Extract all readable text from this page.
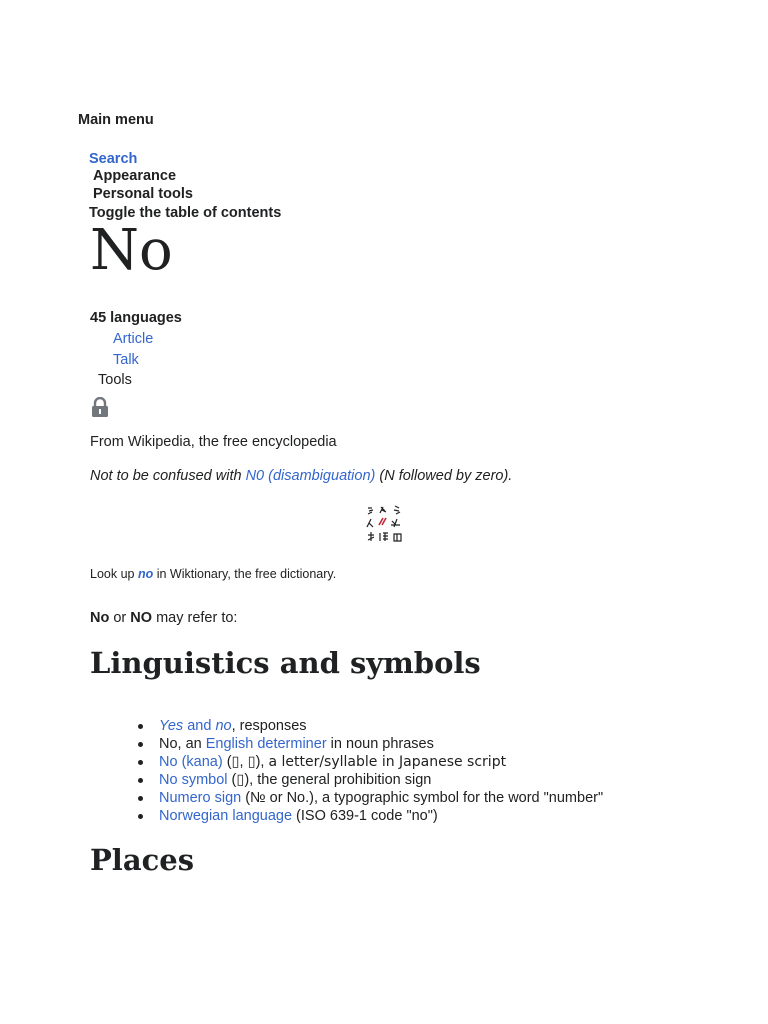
Main menu
Search
Appearance
Personal tools
Toggle the table of contents
No
45 languages
Article
Talk
Tools
From Wikipedia, the free encyclopedia
Not to be confused with N0 (disambiguation) (N followed by zero).
Look up no in Wiktionary, the free dictionary.
No or NO may refer to:
Linguistics and symbols
Yes and no, responses
No, an English determiner in noun phrases
No (kana) (▯, ▯), a letter/syllable in Japanese script
No symbol (▯), the general prohibition sign
Numero sign (№ or No.), a typographic symbol for the word "number"
Norwegian language (ISO 639-1 code "no")
Places
